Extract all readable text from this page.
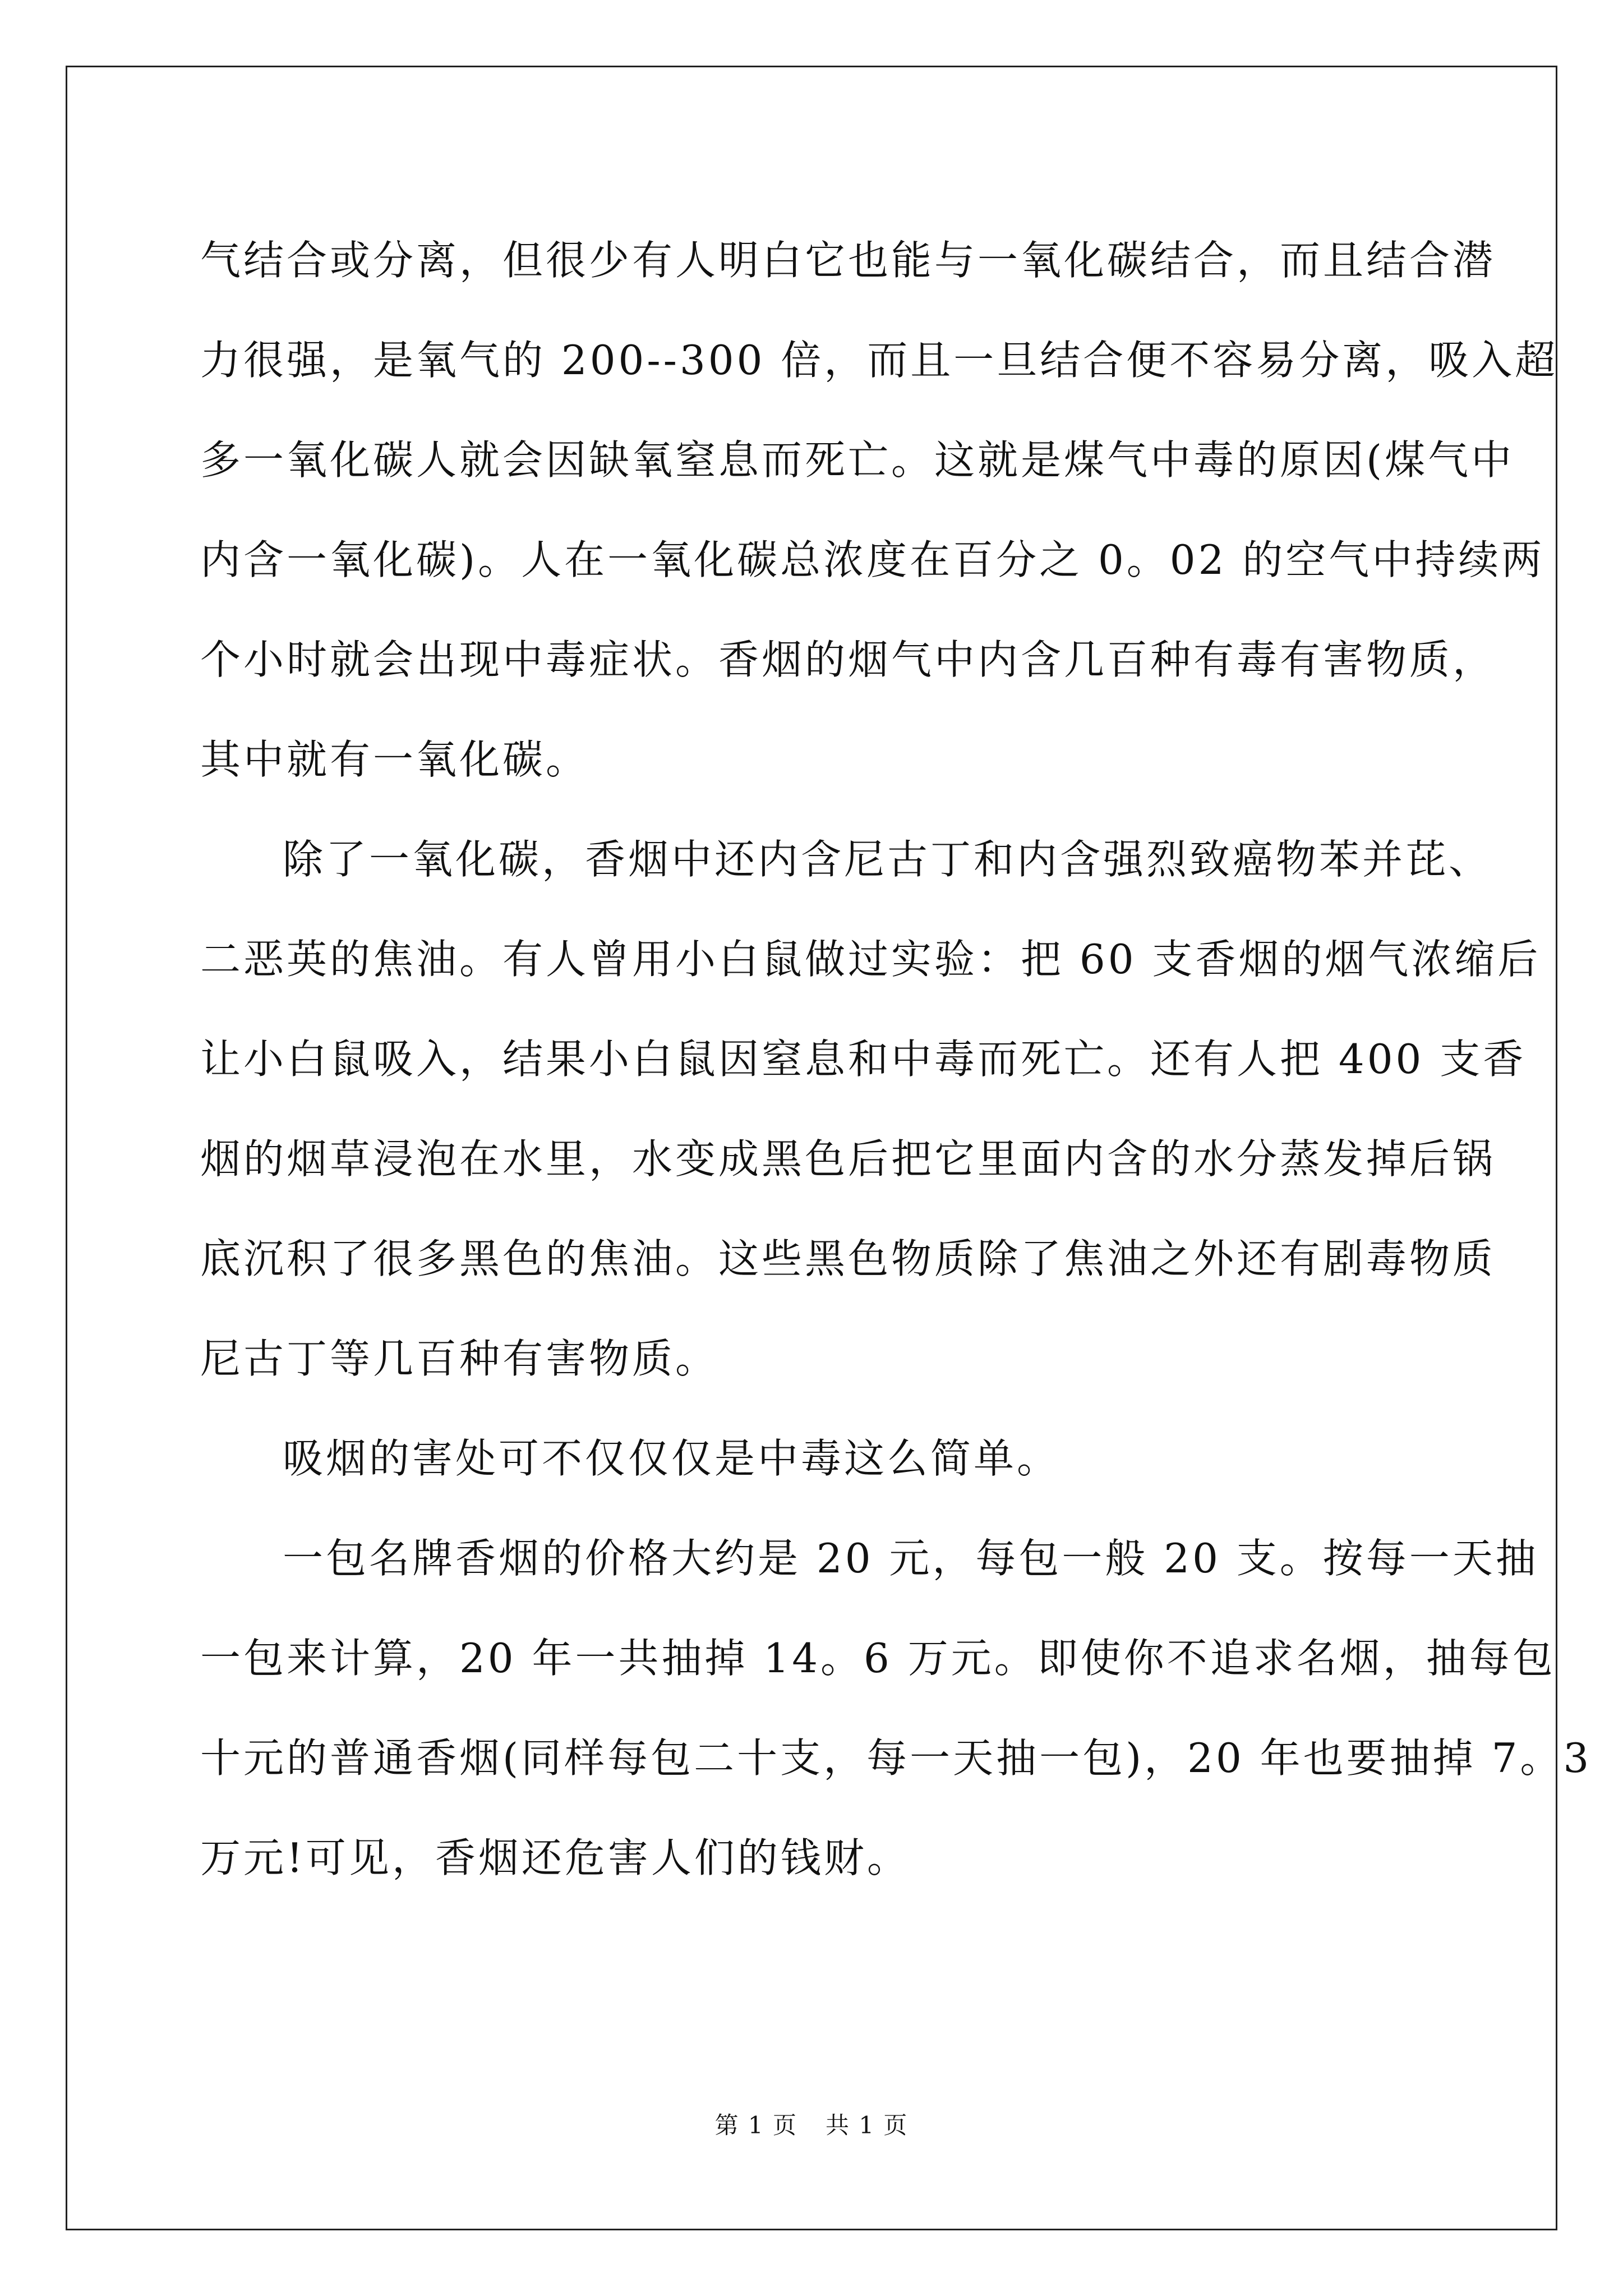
气结合或分离，但很少有人明白它也能与一氧化碳结合，而且结合潜
力很强，是氧气的 200--300 倍，而且一旦结合便不容易分离，吸入超
多一氧化碳人就会因缺氧窒息而死亡。这就是煤气中毒的原因(煤气中
内含一氧化碳)。人在一氧化碳总浓度在百分之 0。02 的空气中持续两
个小时就会出现中毒症状。香烟的烟气中内含几百种有毒有害物质，
其中就有一氧化碳。

除了一氧化碳，香烟中还内含尼古丁和内含强烈致癌物苯并芘、
二恶英的焦油。有人曾用小白鼠做过实验：把 60 支香烟的烟气浓缩后
让小白鼠吸入，结果小白鼠因窒息和中毒而死亡。还有人把 400 支香
烟的烟草浸泡在水里，水变成黑色后把它里面内含的水分蒸发掉后锅
底沉积了很多黑色的焦油。这些黑色物质除了焦油之外还有剧毒物质
尼古丁等几百种有害物质。

吸烟的害处可不仅仅仅是中毒这么简单。

一包名牌香烟的价格大约是 20 元，每包一般 20 支。按每一天抽
一包来计算，20 年一共抽掉 14。6 万元。即使你不追求名烟，抽每包
十元的普通香烟(同样每包二十支，每一天抽一包)，20 年也要抽掉 7。3
万元!可见，香烟还危害人们的钱财。

第 1 页 共 1 页
